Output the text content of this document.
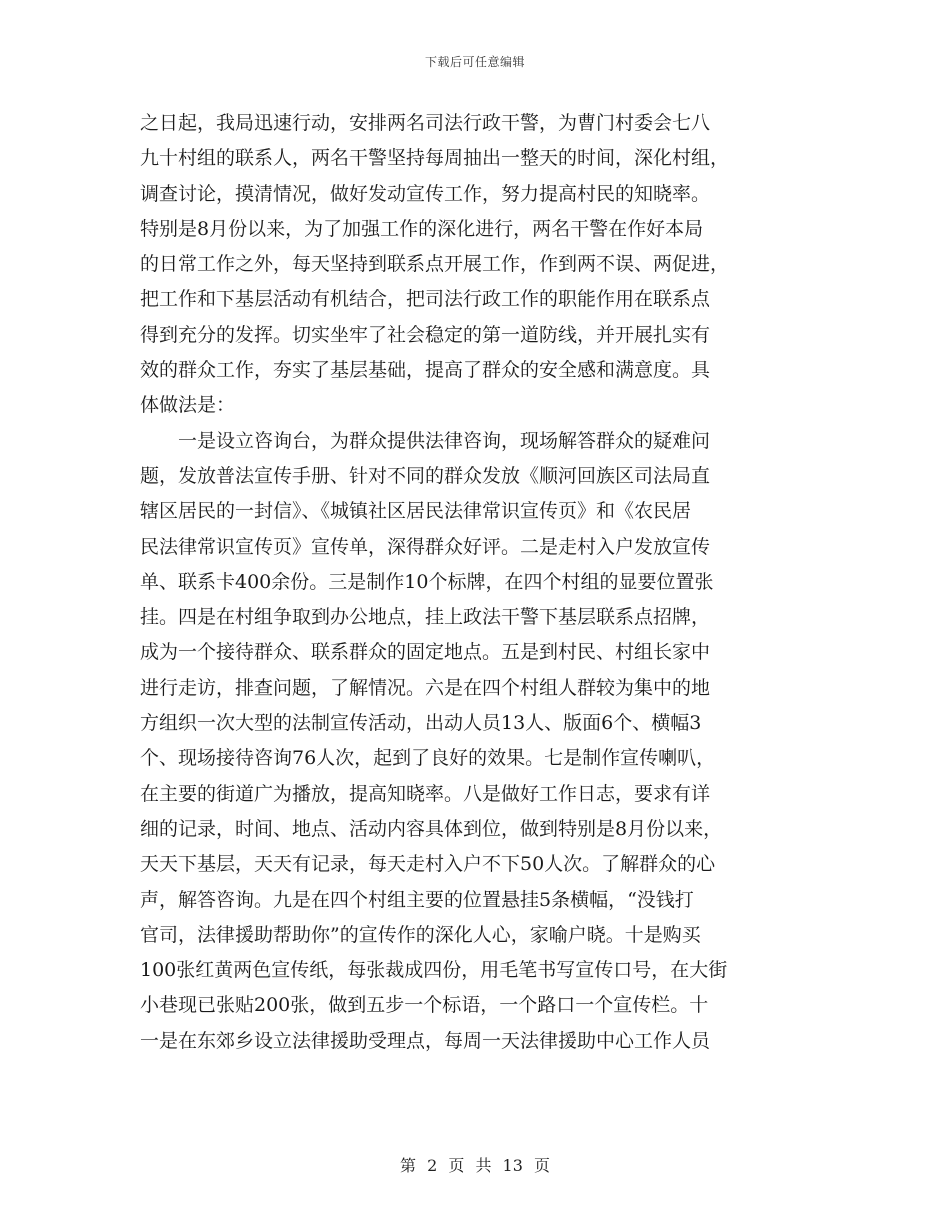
下载后可任意编辑
之日起，我局迅速行动，安排两名司法行政干警，为曹门村委会七八
九十村组的联系人，两名干警坚持每周抽出一整天的时间，深化村组，
调查讨论，摸清情况，做好发动宣传工作，努力提高村民的知晓率。
特别是8月份以来，为了加强工作的深化进行，两名干警在作好本局
的日常工作之外，每天坚持到联系点开展工作，作到两不误、两促进，
把工作和下基层活动有机结合，把司法行政工作的职能作用在联系点
得到充分的发挥。切实坐牢了社会稳定的第一道防线，并开展扎实有
效的群众工作，夯实了基层基础，提高了群众的安全感和满意度。具
体做法是：
　　一是设立咨询台，为群众提供法律咨询，现场解答群众的疑难问
题，发放普法宣传手册、针对不同的群众发放《顺河回族区司法局直
辖区居民的一封信》、《城镇社区居民法律常识宣传页》和《农民居
民法律常识宣传页》宣传单，深得群众好评。二是走村入户发放宣传
单、联系卡400余份。三是制作10个标牌，在四个村组的显要位置张
挂。四是在村组争取到办公地点，挂上政法干警下基层联系点招牌，
成为一个接待群众、联系群众的固定地点。五是到村民、村组长家中
进行走访，排查问题，了解情况。六是在四个村组人群较为集中的地
方组织一次大型的法制宣传活动，出动人员13人、版面6个、横幅3
个、现场接待咨询76人次，起到了良好的效果。七是制作宣传喇叭，
在主要的街道广为播放，提高知晓率。八是做好工作日志，要求有详
细的记录，时间、地点、活动内容具体到位，做到特别是8月份以来，
天天下基层，天天有记录，每天走村入户不下50人次。了解群众的心
声，解答咨询。九是在四个村组主要的位置悬挂5条横幅，“没钱打
官司，法律援助帮助你”的宣传作的深化人心，家喻户晓。十是购买
100张红黄两色宣传纸，每张裁成四份，用毛笔书写宣传口号，在大街
小巷现已张贴200张，做到五步一个标语，一个路口一个宣传栏。十
一是在东郊乡设立法律援助受理点，每周一天法律援助中心工作人员
第 2 页 共 13 页
